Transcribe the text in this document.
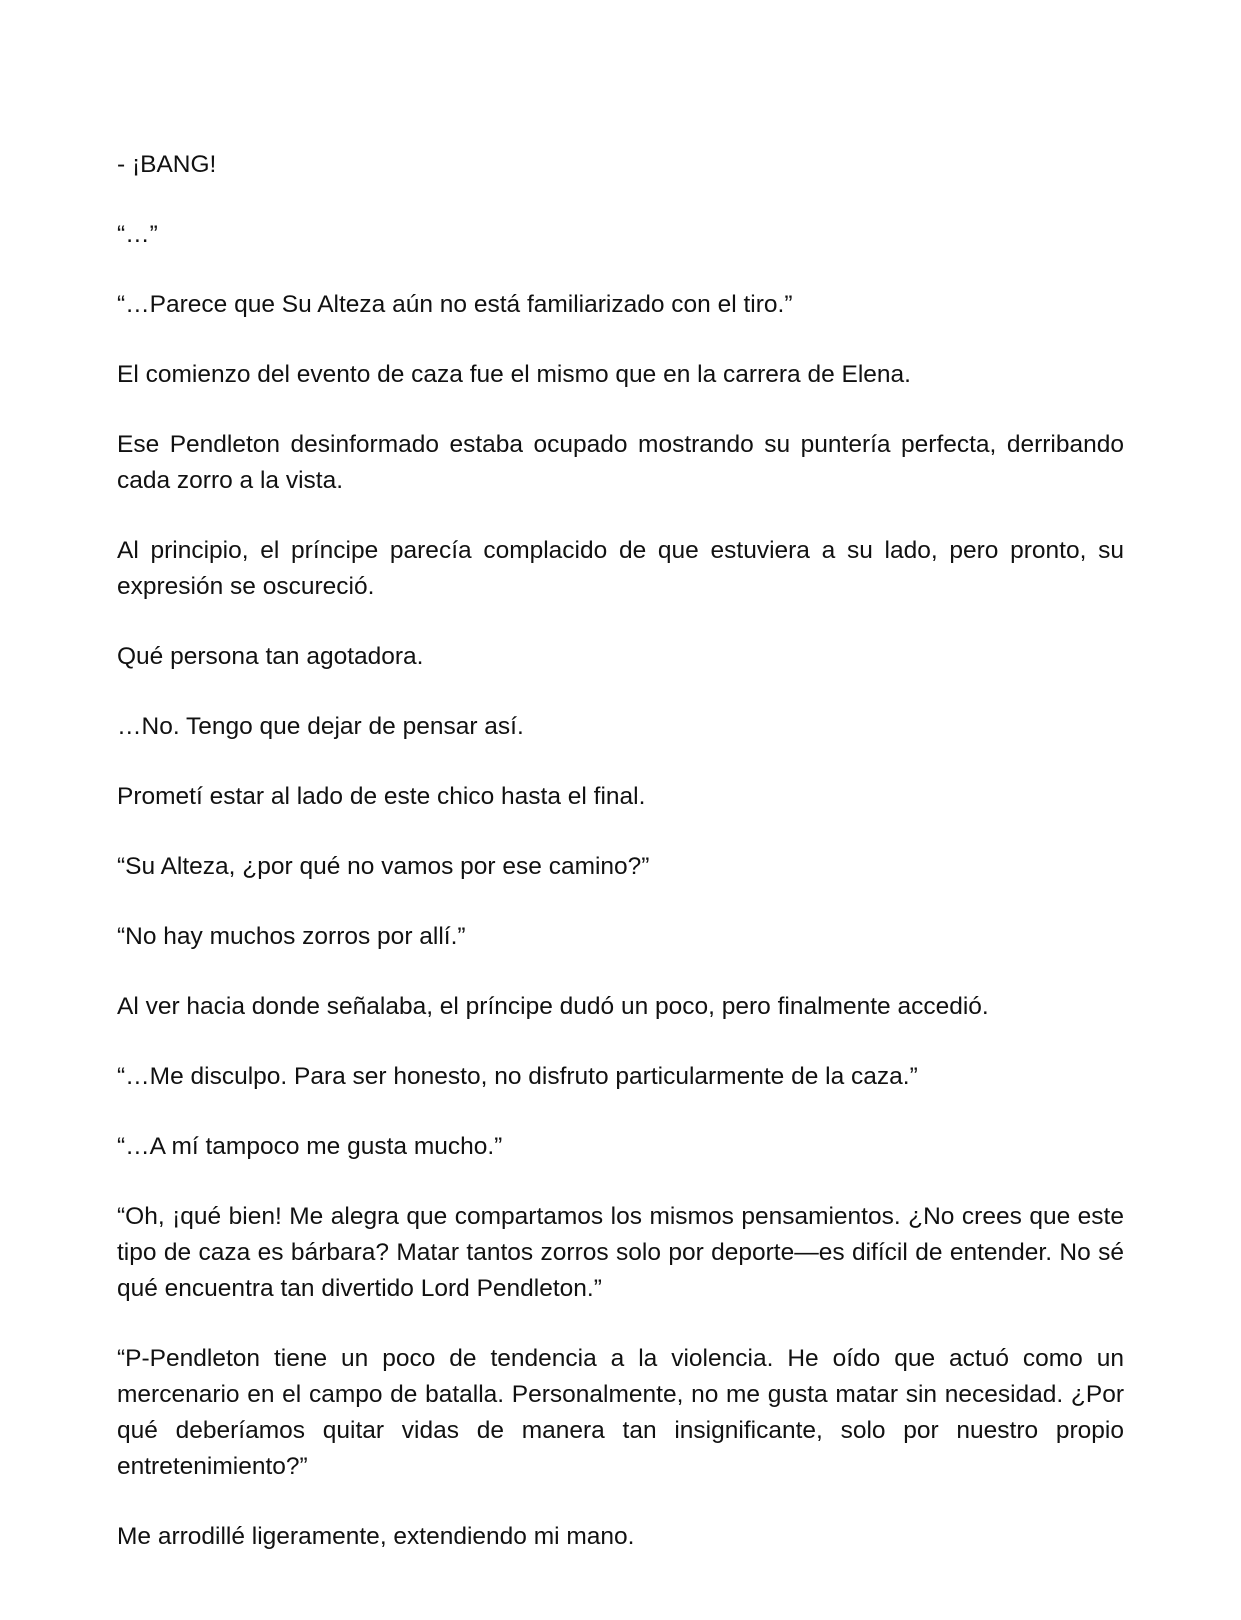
- ¡BANG!

“…”

“…Parece que Su Alteza aún no está familiarizado con el tiro.”

El comienzo del evento de caza fue el mismo que en la carrera de Elena.

Ese Pendleton desinformado estaba ocupado mostrando su puntería perfecta, derribando cada zorro a la vista.

Al principio, el príncipe parecía complacido de que estuviera a su lado, pero pronto, su expresión se oscureció.

Qué persona tan agotadora.

…No. Tengo que dejar de pensar así.

Prometí estar al lado de este chico hasta el final.

“Su Alteza, ¿por qué no vamos por ese camino?”

“No hay muchos zorros por allí.”

Al ver hacia donde señalaba, el príncipe dudó un poco, pero finalmente accedió.

“…Me disculpo. Para ser honesto, no disfruto particularmente de la caza.”

“…A mí tampoco me gusta mucho.”

“Oh, ¡qué bien! Me alegra que compartamos los mismos pensamientos. ¿No crees que este tipo de caza es bárbara? Matar tantos zorros solo por deporte—es difícil de entender. No sé qué encuentra tan divertido Lord Pendleton.”

“P-Pendleton tiene un poco de tendencia a la violencia. He oído que actuó como un mercenario en el campo de batalla. Personalmente, no me gusta matar sin necesidad. ¿Por qué deberíamos quitar vidas de manera tan insignificante, solo por nuestro propio entretenimiento?”

Me arrodillé ligeramente, extendiendo mi mano.
